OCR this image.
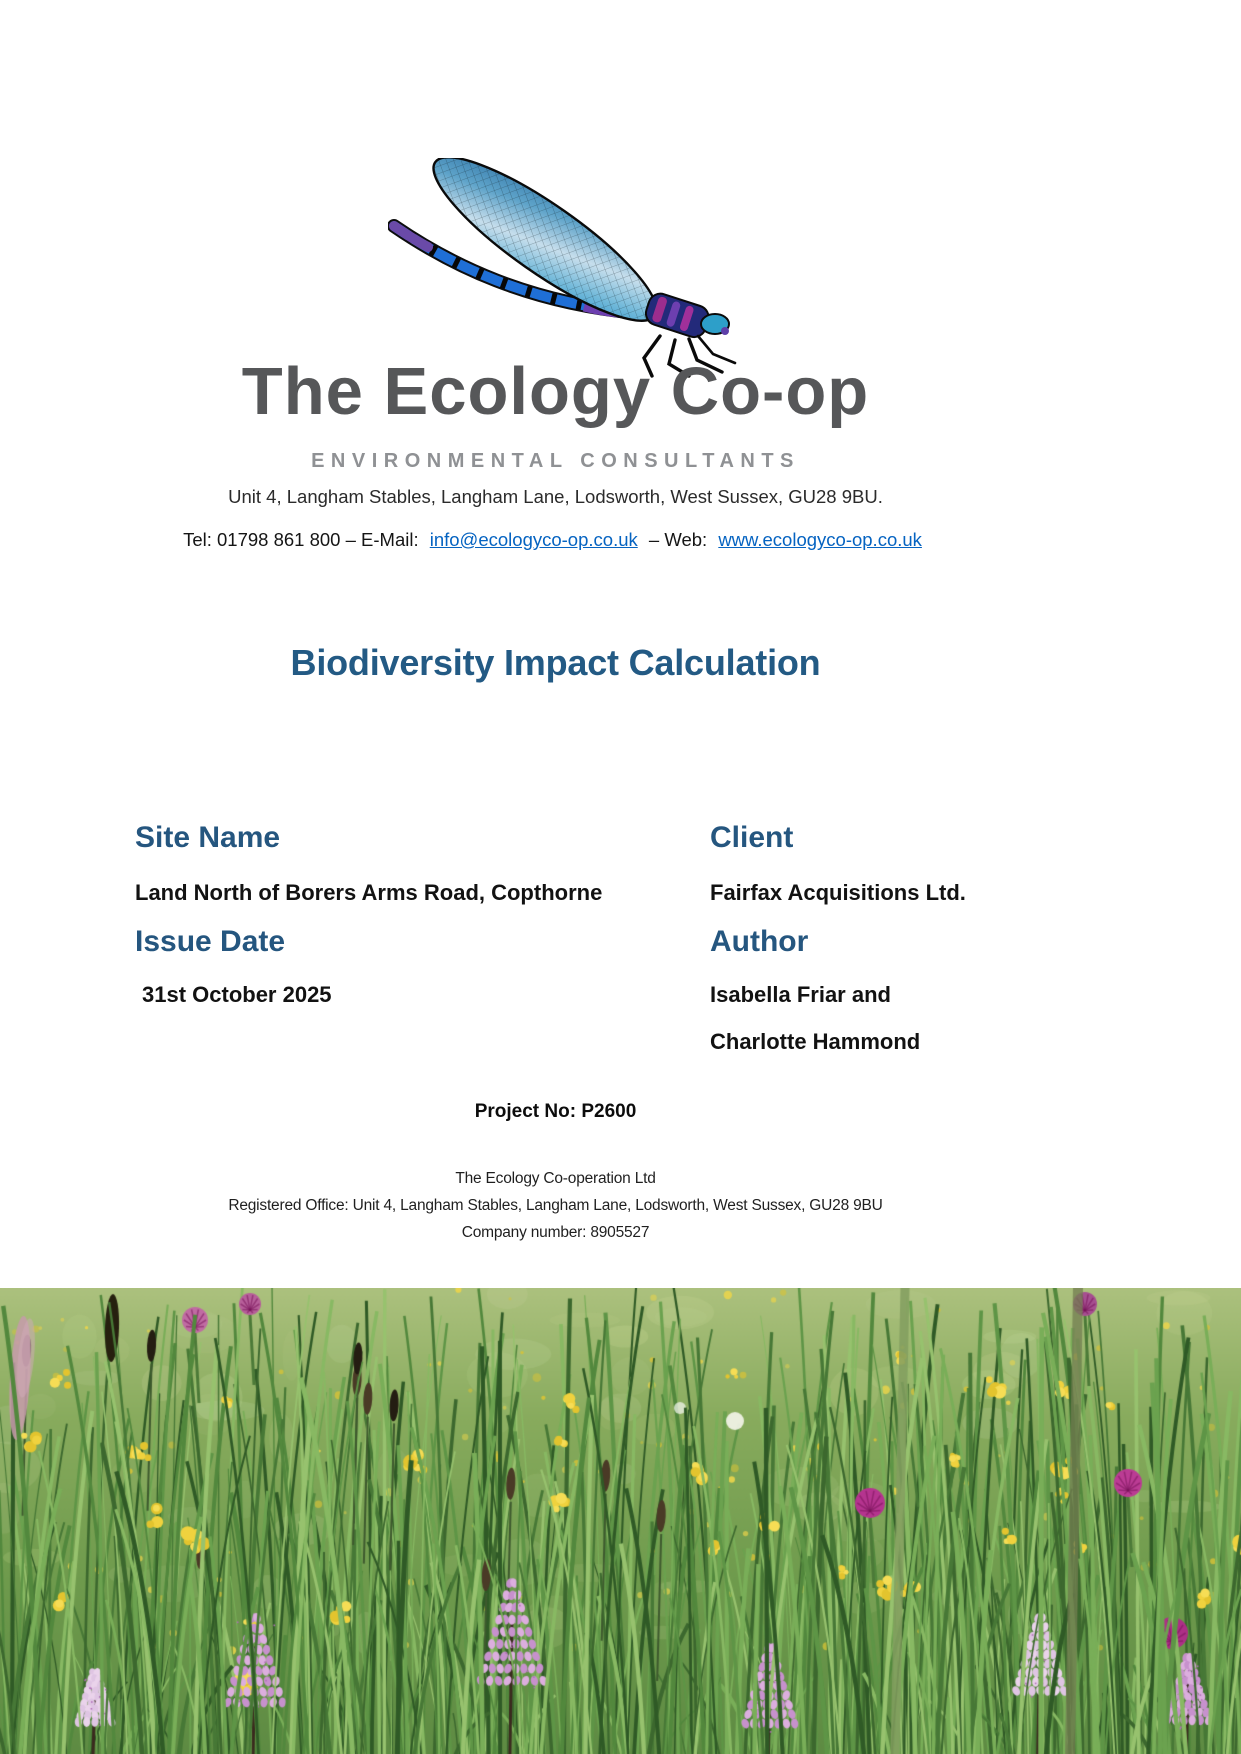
The Ecology Co-op
ENVIRONMENTAL CONSULTANTS
Unit 4, Langham Stables, Langham Lane, Lodsworth, West Sussex, GU28 9BU.
Tel: 01798 861 800 – E-Mail: info@ecologyco-op.co.uk – Web: www.ecologyco-op.co.uk
Biodiversity Impact Calculation
Site Name
Land North of Borers Arms Road, Copthorne
Issue Date
31st October 2025
Client
Fairfax Acquisitions Ltd.
Author
Isabella Friar and
Charlotte Hammond
Project No: P2600
The Ecology Co-operation Ltd
Registered Office: Unit 4, Langham Stables, Langham Lane, Lodsworth, West Sussex, GU28 9BU
Company number: 8905527
